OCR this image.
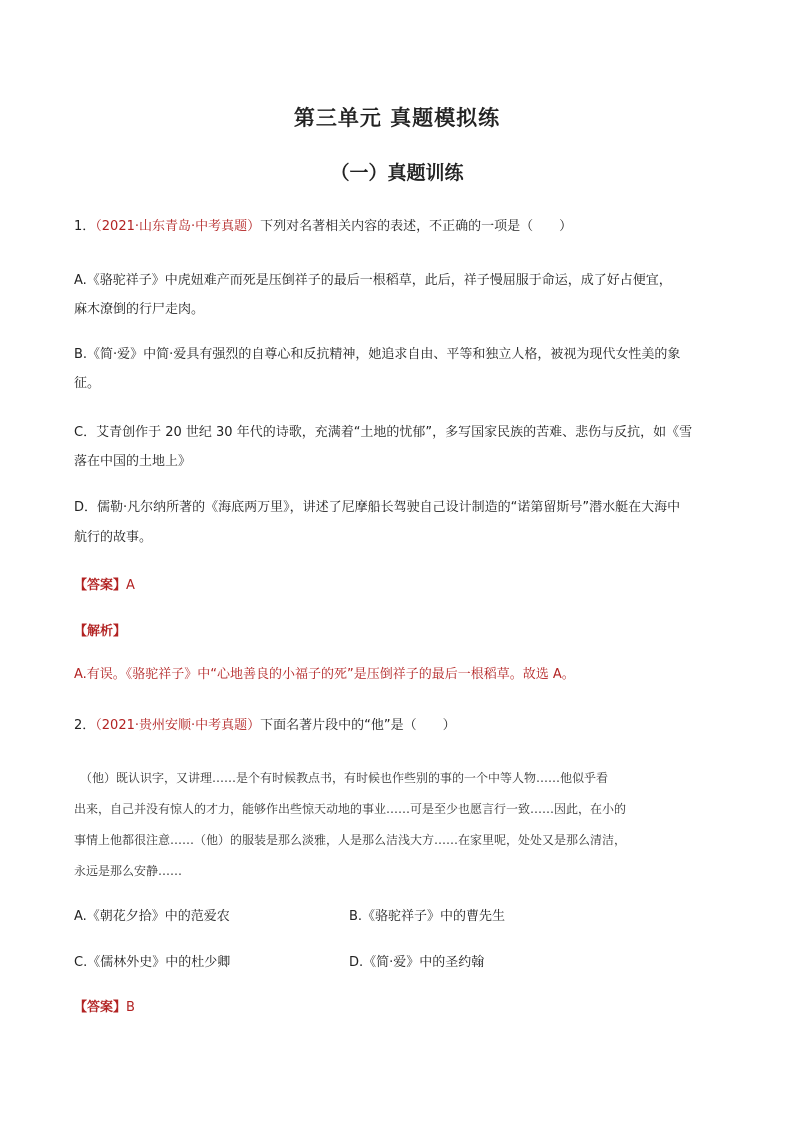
第三单元 真题模拟练
（一）真题训练
1．（2021·山东青岛·中考真题）下列对名著相关内容的表述，不正确的一项是（　　）
A.《骆驼祥子》中虎妞难产而死是压倒祥子的最后一根稻草，此后，祥子慢屈服于命运，成了好占便宜，
麻木潦倒的行尸走肉。
B.《简·爱》中简·爱具有强烈的自尊心和反抗精神，她追求自由、平等和独立人格，被视为现代女性美的象
征。
C．艾青创作于 20 世纪 30 年代的诗歌，充满着“土地的忧郁”，多写国家民族的苦难、悲伤与反抗，如《雪
落在中国的土地上》
D．儒勒·凡尔纳所著的《海底两万里》，讲述了尼摩船长驾驶自己设计制造的“诺第留斯号”潜水艇在大海中
航行的故事。
【答案】A
【解析】
A.有误。《骆驼祥子》中“心地善良的小福子的死”是压倒祥子的最后一根稻草。故选 A。
2．（2021·贵州安顺·中考真题）下面名著片段中的“他”是（　　）
　（他）既认识字，又讲理……是个有时候教点书，有时候也作些别的事的一个中等人物……他似乎看
出来，自己并没有惊人的才力，能够作出些惊天动地的事业……可是至少也愿言行一致……因此，在小的
事情上他都很注意……（他）的服装是那么淡雅，人是那么洁浅大方……在家里呢，处处又是那么清洁，
永远是那么安静……
A.《朝花夕拾》中的范爱农	B.《骆驼祥子》中的曹先生
C.《儒林外史》中的杜少卿	D.《简·爱》中的圣约翰
【答案】B
